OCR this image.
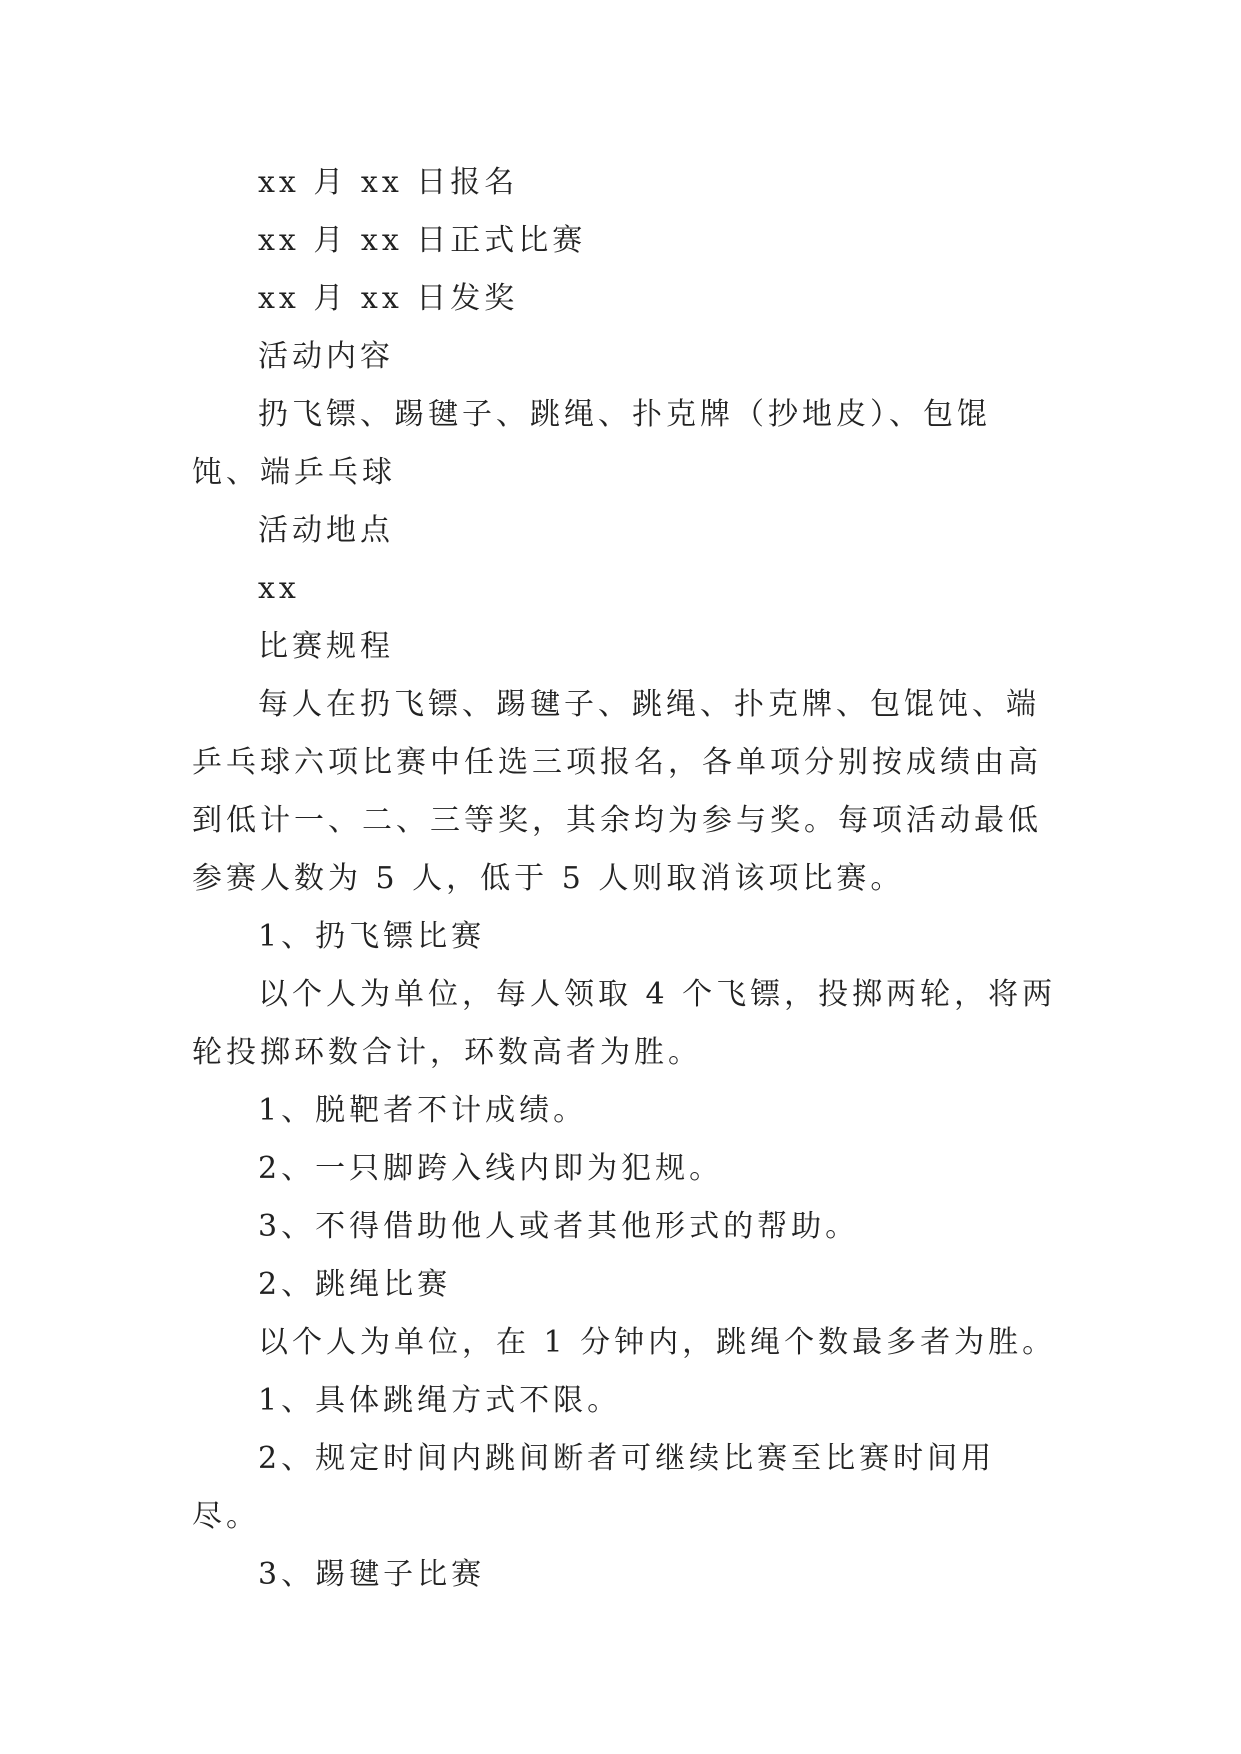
xx 月 xx 日报名

xx 月 xx 日正式比赛

xx 月 xx 日发奖

活动内容

扔飞镖、踢毽子、跳绳、扑克牌（抄地皮）、包馄饨、端乒乓球

活动地点

xx

比赛规程

每人在扔飞镖、踢毽子、跳绳、扑克牌、包馄饨、端乒乓球六项比赛中任选三项报名，各单项分别按成绩由高到低计一、二、三等奖，其余均为参与奖。每项活动最低参赛人数为 5 人，低于 5 人则取消该项比赛。

1、扔飞镖比赛

以个人为单位，每人领取 4 个飞镖，投掷两轮，将两轮投掷环数合计，环数高者为胜。

1、脱靶者不计成绩。

2、一只脚跨入线内即为犯规。

3、不得借助他人或者其他形式的帮助。

2、跳绳比赛

以个人为单位，在 1 分钟内，跳绳个数最多者为胜。

1、具体跳绳方式不限。

2、规定时间内跳间断者可继续比赛至比赛时间用尽。

3、踢毽子比赛
